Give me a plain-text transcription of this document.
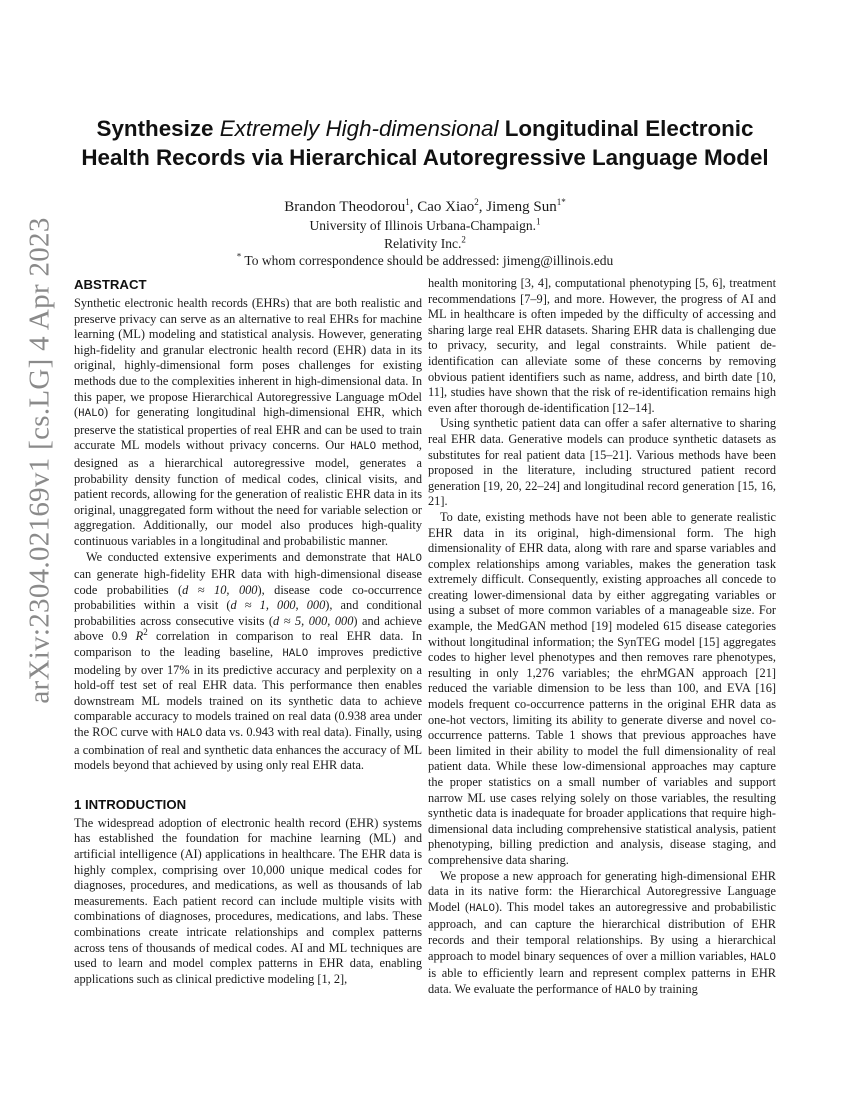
arXiv:2304.02169v1 [cs.LG] 4 Apr 2023
Synthesize Extremely High-dimensional Longitudinal Electronic Health Records via Hierarchical Autoregressive Language Model
Brandon Theodorou$^1$, Cao Xiao$^2$, Jimeng Sun$^{1*}$
University of Illinois Urbana-Champaign.$^1$
Relativity Inc.$^2$
* To whom correspondence should be addressed: jimeng@illinois.edu
ABSTRACT

Synthetic electronic health records (EHRs) that are both realistic and preserve privacy can serve as an alternative to real EHRs for machine learning (ML) modeling and statistical analysis. However, generating high-fidelity and granular electronic health record (EHR) data in its original, highly-dimensional form poses challenges for existing methods due to the complexities inherent in high-dimensional data. In this paper, we propose Hierarchical Autoregressive Language mOdel (HALO) for generating longitudinal high-dimensional EHR, which preserve the statistical properties of real EHR and can be used to train accurate ML models without privacy concerns. Our HALO method, designed as a hierarchical autoregressive model, generates a probability density function of medical codes, clinical visits, and patient records, allowing for the generation of realistic EHR data in its original, unaggregated form without the need for variable selection or aggregation. Additionally, our model also produces high-quality continuous variables in a longitudinal and probabilistic manner.

We conducted extensive experiments and demonstrate that HALO can generate high-fidelity EHR data with high-dimensional disease code probabilities (d ≈ 10, 000), disease code co-occurrence probabilities within a visit (d ≈ 1, 000, 000), and conditional probabilities across consecutive visits (d ≈ 5, 000, 000) and achieve above 0.9 $R^2$ correlation in comparison to real EHR data. In comparison to the leading baseline, HALO improves predictive modeling by over 17% in its predictive accuracy and perplexity on a hold-off test set of real EHR data. This performance then enables downstream ML models trained on its synthetic data to achieve comparable accuracy to models trained on real data (0.938 area under the ROC curve with HALO data vs. 0.943 with real data). Finally, using a combination of real and synthetic data enhances the accuracy of ML models beyond that achieved by using only real EHR data.

1 INTRODUCTION

The widespread adoption of electronic health record (EHR) systems has established the foundation for machine learning (ML) and artificial intelligence (AI) applications in healthcare. The EHR data is highly complex, comprising over 10,000 unique medical codes for diagnoses, procedures, and medications, as well as thousands of lab measurements. Each patient record can include multiple visits with combinations of diagnoses, procedures, medications, and labs. These combinations create intricate relationships and complex patterns across tens of thousands of medical codes. AI and ML techniques are used to learn and model complex patterns in EHR data, enabling applications such as clinical predictive modeling [1, 2],

health monitoring [3, 4], computational phenotyping [5, 6], treatment recommendations [7–9], and more. However, the progress of AI and ML in healthcare is often impeded by the difficulty of accessing and sharing large real EHR datasets. Sharing EHR data is challenging due to privacy, security, and legal constraints. While patient de-identification can alleviate some of these concerns by removing obvious patient identifiers such as name, address, and birth date [10, 11], studies have shown that the risk of re-identification remains high even after thorough de-identification [12–14].

Using synthetic patient data can offer a safer alternative to sharing real EHR data. Generative models can produce synthetic datasets as substitutes for real patient data [15–21]. Various methods have been proposed in the literature, including structured patient record generation [19, 20, 22–24] and longitudinal record generation [15, 16, 21].

To date, existing methods have not been able to generate realistic EHR data in its original, high-dimensional form. The high dimensionality of EHR data, along with rare and sparse variables and complex relationships among variables, makes the generation task extremely difficult. Consequently, existing approaches all concede to creating lower-dimensional data by either aggregating variables or using a subset of more common variables of a manageable size. For example, the MedGAN method [19] modeled 615 disease categories without longitudinal information; the SynTEG model [15] aggregates codes to higher level phenotypes and then removes rare phenotypes, resulting in only 1,276 variables; the ehrMGAN approach [21] reduced the variable dimension to be less than 100, and EVA [16] models frequent co-occurrence patterns in the original EHR data as one-hot vectors, limiting its ability to generate diverse and novel co-occurrence patterns. Table 1 shows that previous approaches have been limited in their ability to model the full dimensionality of real patient data. While these low-dimensional approaches may capture the proper statistics on a small number of variables and support narrow ML use cases relying solely on those variables, the resulting synthetic data is inadequate for broader applications that require high-dimensional data including comprehensive statistical analysis, patient phenotyping, billing prediction and analysis, disease staging, and comprehensive data sharing.

We propose a new approach for generating high-dimensional EHR data in its native form: the Hierarchical Autoregressive Language Model (HALO). This model takes an autoregressive and probabilistic approach, and can capture the hierarchical distribution of EHR records and their temporal relationships. By using a hierarchical approach to model binary sequences of over a million variables, HALO is able to efficiently learn and represent complex patterns in EHR data. We evaluate the performance of HALO by training
